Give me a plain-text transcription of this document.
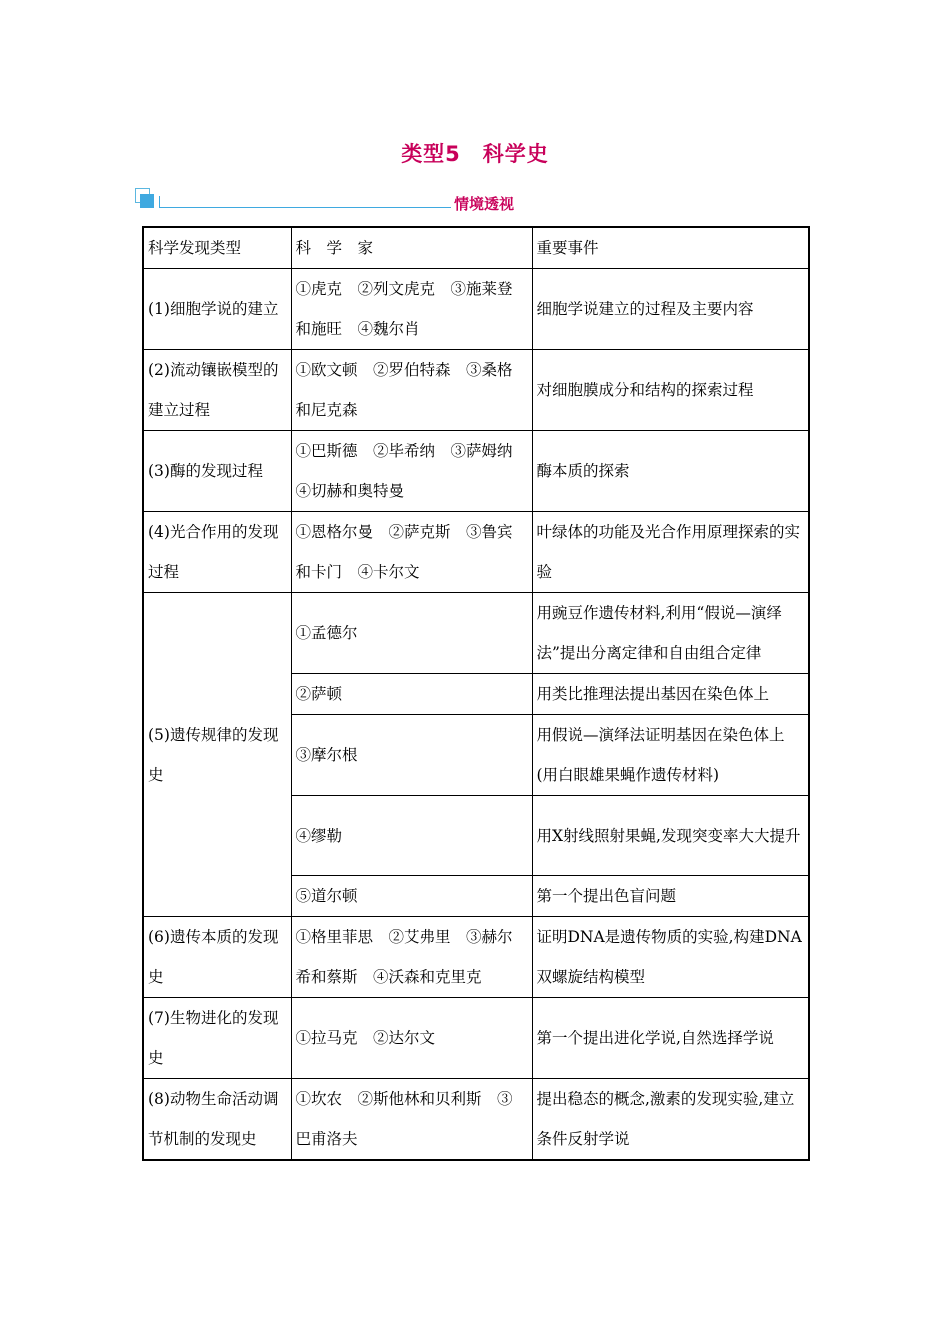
类型5　科学史
情境透视
科学发现类型	科　学　家	重要事件
(1)细胞学说的建立	①虎克　②列文虎克　③施莱登和施旺　④魏尔肖	细胞学说建立的过程及主要内容
(2)流动镶嵌模型的建立过程	①欧文顿　②罗伯特森　③桑格和尼克森	对细胞膜成分和结构的探索过程
(3)酶的发现过程	①巴斯德　②毕希纳　③萨姆纳　④切赫和奥特曼	酶本质的探索
(4)光合作用的发现过程	①恩格尔曼　②萨克斯　③鲁宾和卡门　④卡尔文	叶绿体的功能及光合作用原理探索的实验
(5)遗传规律的发现史	①孟德尔	用豌豆作遗传材料,利用“假说—演绎法”提出分离定律和自由组合定律
	②萨顿	用类比推理法提出基因在染色体上
	③摩尔根	用假说—演绎法证明基因在染色体上(用白眼雄果蝇作遗传材料)
	④缪勒	用X射线照射果蝇,发现突变率大大提升
	⑤道尔顿	第一个提出色盲问题
(6)遗传本质的发现史	①格里菲思　②艾弗里　③赫尔希和蔡斯　④沃森和克里克	证明DNA是遗传物质的实验,构建DNA双螺旋结构模型
(7)生物进化的发现史	①拉马克　②达尔文	第一个提出进化学说,自然选择学说
(8)动物生命活动调节机制的发现史	①坎农　②斯他林和贝利斯　③巴甫洛夫	提出稳态的概念,激素的发现实验,建立条件反射学说
